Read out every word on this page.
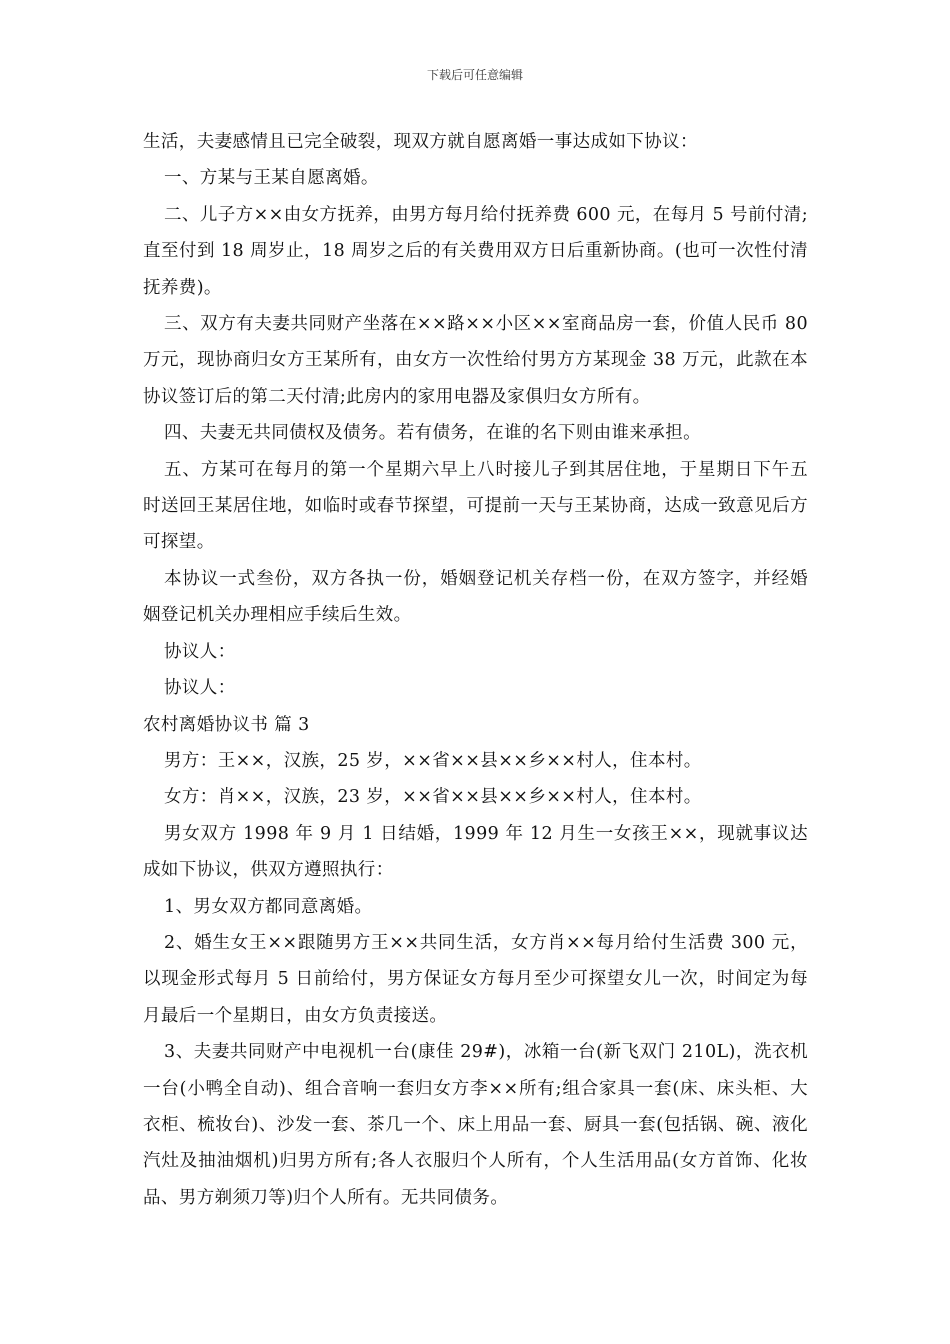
下载后可任意编辑

生活，夫妻感情且已完全破裂，现双方就自愿离婚一事达成如下协议：

一、方某与王某自愿离婚。

二、儿子方××由女方抚养，由男方每月给付抚养费 600 元，在每月 5 号前付清;直至付到 18 周岁止，18 周岁之后的有关费用双方日后重新协商。(也可一次性付清抚养费)。

三、双方有夫妻共同财产坐落在××路××小区××室商品房一套，价值人民币 80 万元，现协商归女方王某所有，由女方一次性给付男方方某现金 38 万元，此款在本协议签订后的第二天付清;此房内的家用电器及家俱归女方所有。

四、夫妻无共同债权及债务。若有债务，在谁的名下则由谁来承担。

五、方某可在每月的第一个星期六早上八时接儿子到其居住地，于星期日下午五时送回王某居住地，如临时或春节探望，可提前一天与王某协商，达成一致意见后方可探望。

本协议一式叁份，双方各执一份，婚姻登记机关存档一份，在双方签字，并经婚姻登记机关办理相应手续后生效。

协议人：

协议人：

农村离婚协议书 篇 3

男方：王××，汉族，25 岁，××省××县××乡××村人，住本村。

女方：肖××，汉族，23 岁，××省××县××乡××村人，住本村。

男女双方 1998 年 9 月 1 日结婚，1999 年 12 月生一女孩王××，现就事议达成如下协议，供双方遵照执行：

1、男女双方都同意离婚。

2、婚生女王××跟随男方王××共同生活，女方肖××每月给付生活费 300 元，以现金形式每月 5 日前给付，男方保证女方每月至少可探望女儿一次，时间定为每月最后一个星期日，由女方负责接送。

3、夫妻共同财产中电视机一台(康佳 29#)，冰箱一台(新飞双门 210L)，洗衣机一台(小鸭全自动)、组合音响一套归女方李××所有;组合家具一套(床、床头柜、大衣柜、梳妆台)、沙发一套、茶几一个、床上用品一套、厨具一套(包括锅、碗、液化汽灶及抽油烟机)归男方所有;各人衣服归个人所有，个人生活用品(女方首饰、化妆品、男方剃须刀等)归个人所有。无共同债务。
